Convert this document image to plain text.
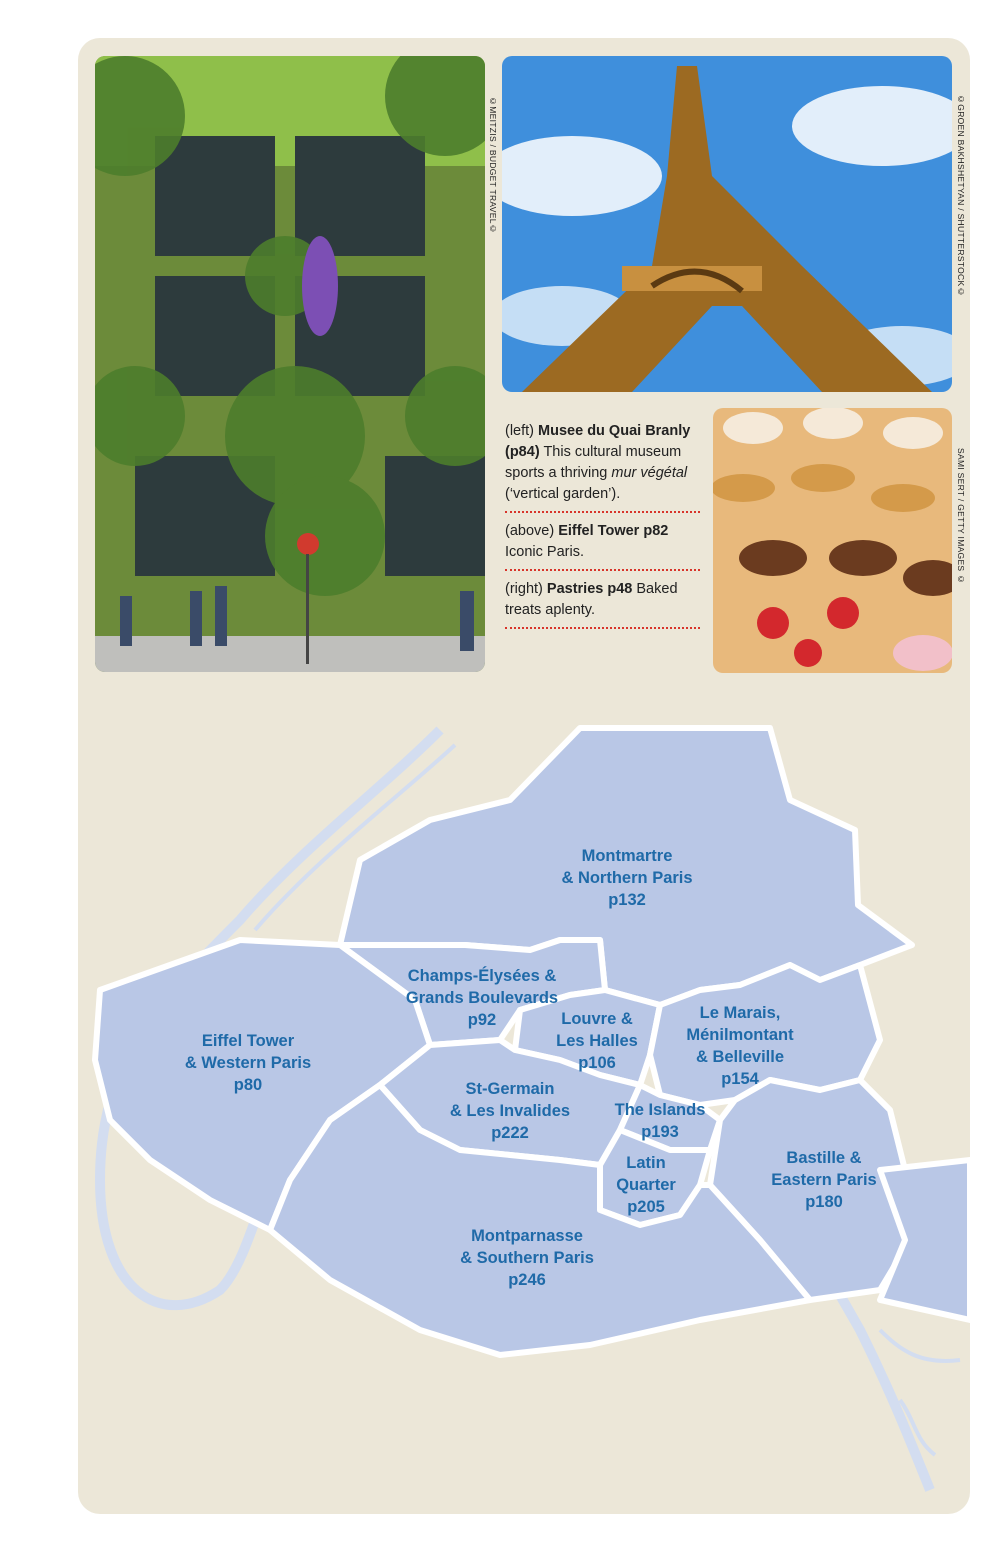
©MEITZIS / BUDGET TRAVEL©	©GROEN BAKHSHETYAN / SHUTTERSTOCK©
SAMI SERT / GETTY IMAGES ©
(left) Musee du Quai Branly (p84) This cultural museum sports a thriving mur végétal (‘vertical garden’).
(above) Eiffel Tower p82 Iconic Paris.
(right) Pastries p48 Baked treats aplenty.
Montmartre
& Northern Paris
p132
Champs-Élysées &
Grands Boulevards
p92
Eiffel Tower
& Western Paris
p80
Louvre &
Les Halles
p106
Le Marais,
Ménilmontant
& Belleville
p154
St-Germain
& Les Invalides
p222
The Islands
p193
Latin
Quarter
p205
Bastille &
Eastern Paris
p180
Montparnasse
& Southern Paris
p246
